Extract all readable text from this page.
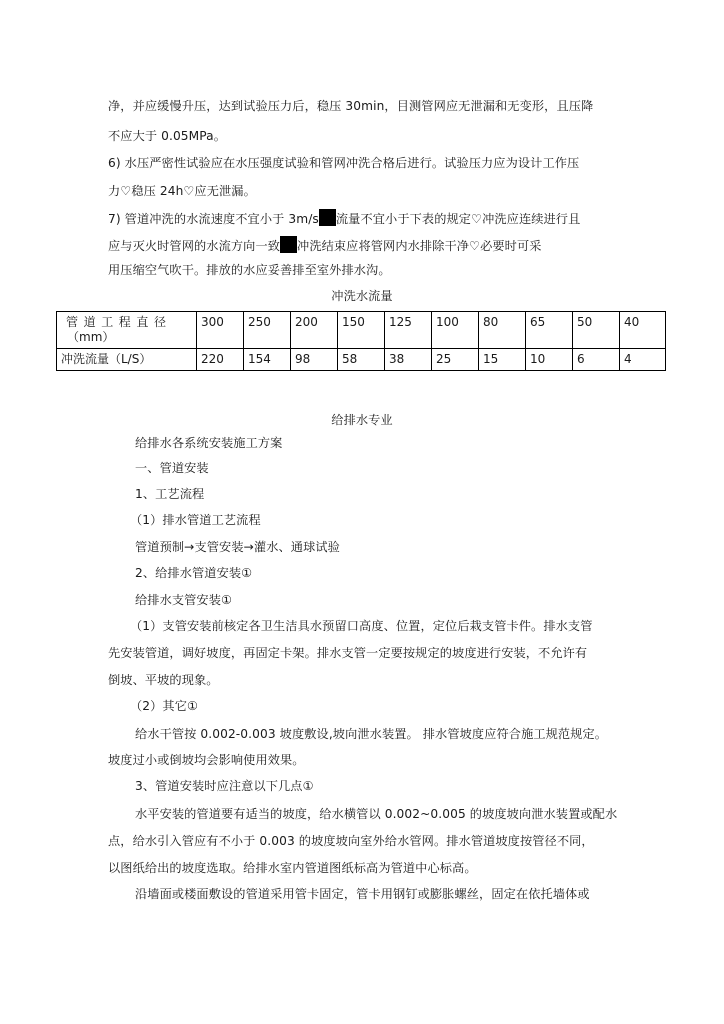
净，并应缓慢升压，达到试验压力后，稳压 30min，目测管网应无泄漏和无变形，且压降
不应大于 0.05MPa。
6) 水压严密性试验应在水压强度试验和管网冲洗合格后进行。试验压力应为设计工作压
力♡稳压 24h♡应无泄漏。
7) 管道冲洗的水流速度不宜小于 3m/s 流量不宜小于下表的规定♡冲洗应连续进行且
应与灭火时管网的水流方向一致 冲洗结束应将管网内水排除干净♡必要时可采
用压缩空气吹干。排放的水应妥善排至室外排水沟。
冲洗水流量
管道工程直径
（mm）	300	250	200	150	125	100	80	65	50	40
冲洗流量（L/S）	220	154	98	58	38	25	15	10	6	4
给排水专业
给排水各系统安装施工方案
一、管道安装
1、工艺流程
（1）排水管道工艺流程
管道预制→支管安装→灌水、通球试验
2、给排水管道安装①
给排水支管安装①
（1）支管安装前核定各卫生洁具水预留口高度、位置，定位后栽支管卡件。排水支管
先安装管道，调好坡度，再固定卡架。排水支管一定要按规定的坡度进行安装，不允许有
倒坡、平坡的现象。
（2）其它①
给水干管按 0.002-0.003 坡度敷设,坡向泄水装置。 排水管坡度应符合施工规范规定。
坡度过小或倒坡均会影响使用效果。
3、管道安装时应注意以下几点①
水平安装的管道要有适当的坡度，给水横管以 0.002~0.005 的坡度坡向泄水装置或配水
点，给水引入管应有不小于 0.003 的坡度坡向室外给水管网。排水管道坡度按管径不同，
以图纸给出的坡度选取。给排水室内管道图纸标高为管道中心标高。
沿墙面或楼面敷设的管道采用管卡固定，管卡用钢钉或膨胀螺丝，固定在依托墙体或
